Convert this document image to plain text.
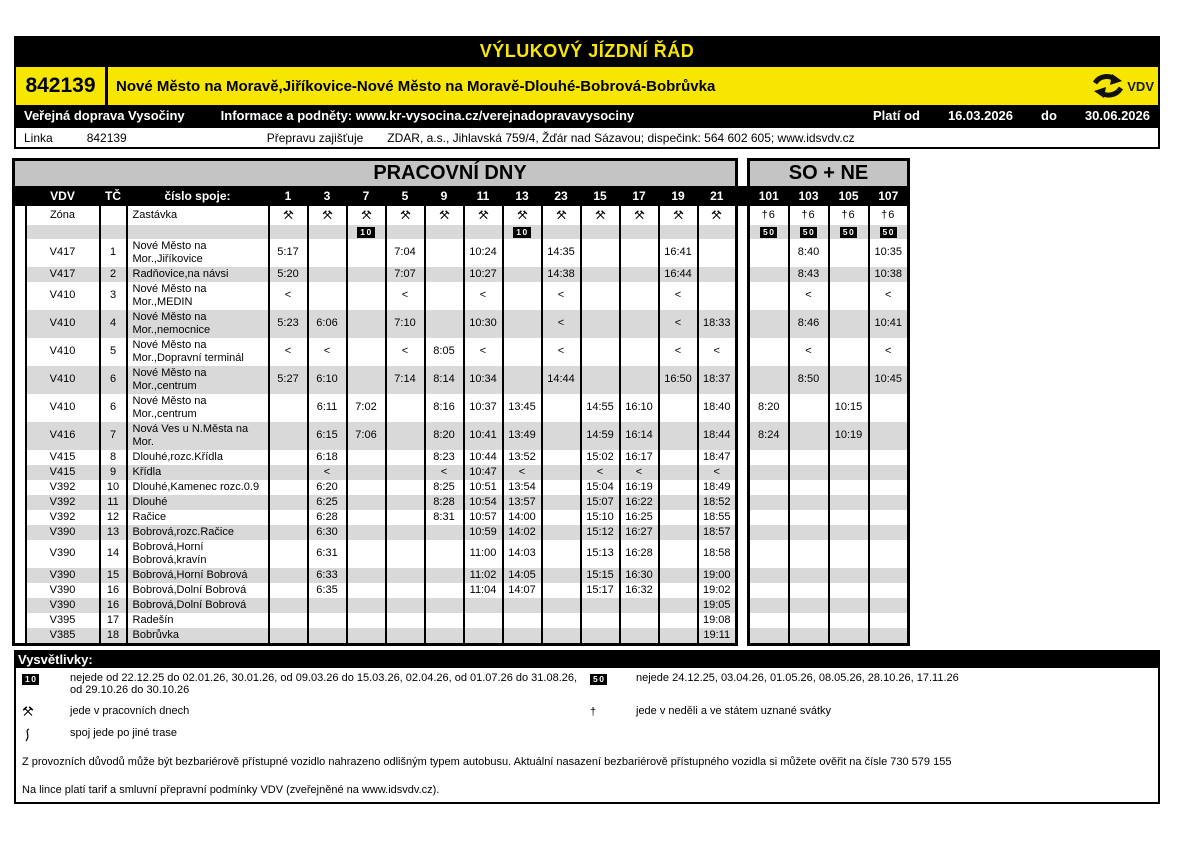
VÝLUKOVÝ JÍZDNÍ ŘÁD
842139	Nové Město na Moravě,Jiříkovice-Nové Město na Moravě-Dlouhé-Bobrová-Bobrůvka	VDV
Veřejná doprava Vysočiny	Informace a podněty: www.kr-vysocina.cz/verejnadopravavysociny	Platí od 16.03.2026 do 30.06.2026
Linka	842139	Přepravu zajišťuje ZDAR, a.s., Jihlavská 759/4, Žďár nad Sázavou; dispečink: 564 602 605; www.idsvdv.cz
PRACOVNÍ DNY																	SO + NE			
	VDV	TČ	číslo spoje:	1	3	7	5	9	11	13	23	15	17	19	21		101	103	105	107
	Zóna		Zastávka														†6	†6	†6	†6
						10				10							50	50	50	50
	V417	1	Nové Město na Mor.,Jiříkovice	5:17			7:04		10:24		14:35			16:41				8:40		10:35
	V417	2	Radňovice,na návsi	5:20			7:07		10:27		14:38			16:44				8:43		10:38
	V410	3	Nové Město na Mor.,MEDIN	<			<		<		<			<				<		<
	V410	4	Nové Město na Mor.,nemocnice	5:23	6:06		7:10		10:30		<			<	18:33			8:46		10:41
	V410	5	Nové Město na Mor.,Dopravní terminál	<	<		<	8:05	<		<			<	<			<		<
	V410	6	Nové Město na Mor.,centrum	5:27	6:10		7:14	8:14	10:34		14:44			16:50	18:37			8:50		10:45
	V410	6	Nové Město na Mor.,centrum		6:11	7:02		8:16	10:37	13:45		14:55	16:10		18:40		8:20		10:15	
	V416	7	Nová Ves u N.Města na Mor.		6:15	7:06		8:20	10:41	13:49		14:59	16:14		18:44		8:24		10:19	
	V415	8	Dlouhé,rozc.Křídla		6:18			8:23	10:44	13:52		15:02	16:17		18:47					
	V415	9	Křídla		<			<	10:47	<		<	<		<					
	V392	10	Dlouhé,Kamenec rozc.0.9		6:20			8:25	10:51	13:54		15:04	16:19		18:49					
	V392	11	Dlouhé		6:25			8:28	10:54	13:57		15:07	16:22		18:52					
	V392	12	Račice		6:28			8:31	10:57	14:00		15:10	16:25		18:55					
	V390	13	Bobrová,rozc.Račice		6:30				10:59	14:02		15:12	16:27		18:57					
	V390	14	Bobrová,Horní Bobrová,kravín		6:31				11:00	14:03		15:13	16:28		18:58					
	V390	15	Bobrová,Horní Bobrová		6:33				11:02	14:05		15:15	16:30		19:00					
	V390	16	Bobrová,Dolní Bobrová		6:35				11:04	14:07		15:17	16:32		19:02					
	V390	16	Bobrová,Dolní Bobrová												19:05					
	V395	17	Radešín												19:08					
	V385	18	Bobrůvka												19:11					
Vysvětlivky:
10	nejede od 22.12.25 do 02.01.26, 30.01.26, od 09.03.26 do 15.03.26, 02.04.26, od 01.07.26 do 31.08.26, od 29.10.26 do 30.10.26
50	nejede 24.12.25, 03.04.26, 01.05.26, 08.05.26, 28.10.26, 17.11.26
jede v pracovních dnech	†	jede v neděli a ve státem uznané svátky
spoj jede po jiné trase
Z provozních důvodů může být bezbariérově přístupné vozidlo nahrazeno odlišným typem autobusu. Aktuální nasazení bezbariérově přístupného vozidla si můžete ověřit na čísle 730 579 155
Na lince platí tarif a smluvní přepravní podmínky VDV (zveřejněné na www.idsvdv.cz).
